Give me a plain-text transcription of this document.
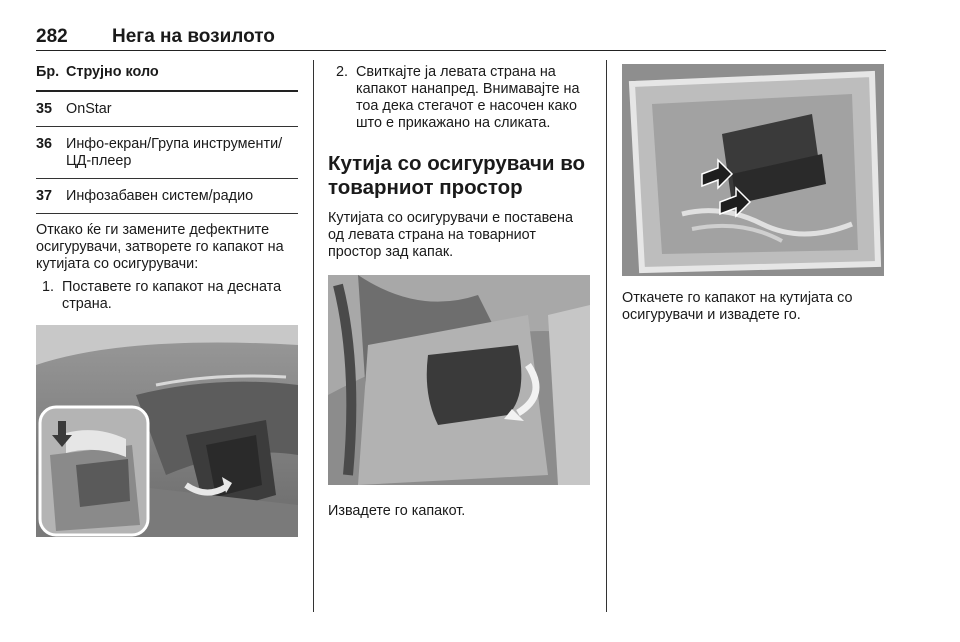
282 Нега на возилото
Бр. Струјно коло
35 OnStar
36 Инфо-екран/Група инструменти/ЦД-плеер
37 Инфозабавен систем/радио
Откако ќе ги замените дефектните осигурувачи, затворете го капакот на кутијата со осигурувачи:
1. Поставете го капакот на десната страна.
2. Свиткајте ја левата страна на капакот нанапред. Внимавајте на тоа дека стегачот е насочен како што е прикажано на сликата.
Кутија со осигурувачи во товарниот простор
Кутијата со осигурувачи е поставена од левата страна на товарниот простор зад капак.
Извадете го капакот.
Откачете го капакот на кутијата со осигурувачи и извадете го.
